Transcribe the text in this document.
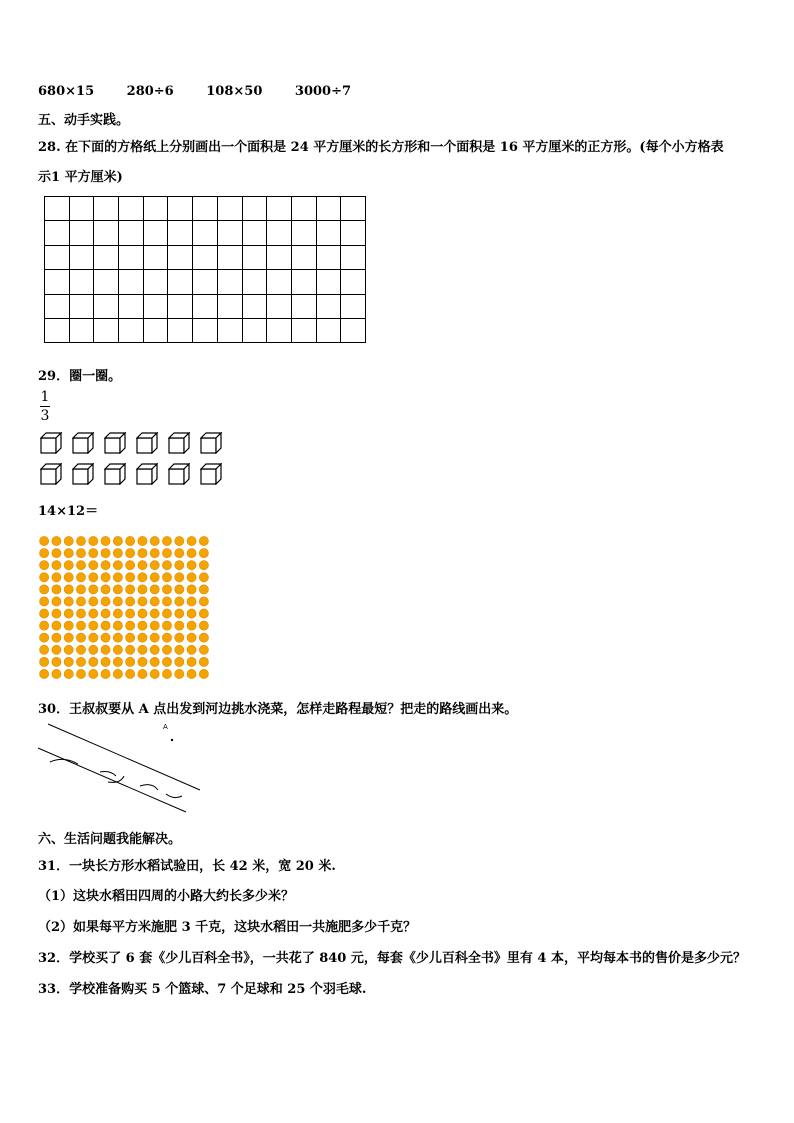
680×15	280÷6	108×50	3000÷7
五、动手实践。
28. 在下面的方格纸上分别画出一个面积是 24 平方厘米的长方形和一个面积是 16 平方厘米的正方形。(每个小方格表
示1 平方厘米)

29．圈一圈。
1
3
14×12＝
30．王叔叔要从 A 点出发到河边挑水浇菜，怎样走路程最短？把走的路线画出来。
A
六、生活问题我能解决。
31．一块长方形水稻试验田，长 42 米，宽 20 米.
（1）这块水稻田四周的小路大约长多少米？
（2）如果每平方米施肥 3 千克，这块水稻田一共施肥多少千克？
32．学校买了 6 套《少儿百科全书》，一共花了 840 元，每套《少儿百科全书》里有 4 本，平均每本书的售价是多少元？
33．学校准备购买 5 个篮球、7 个足球和 25 个羽毛球.
